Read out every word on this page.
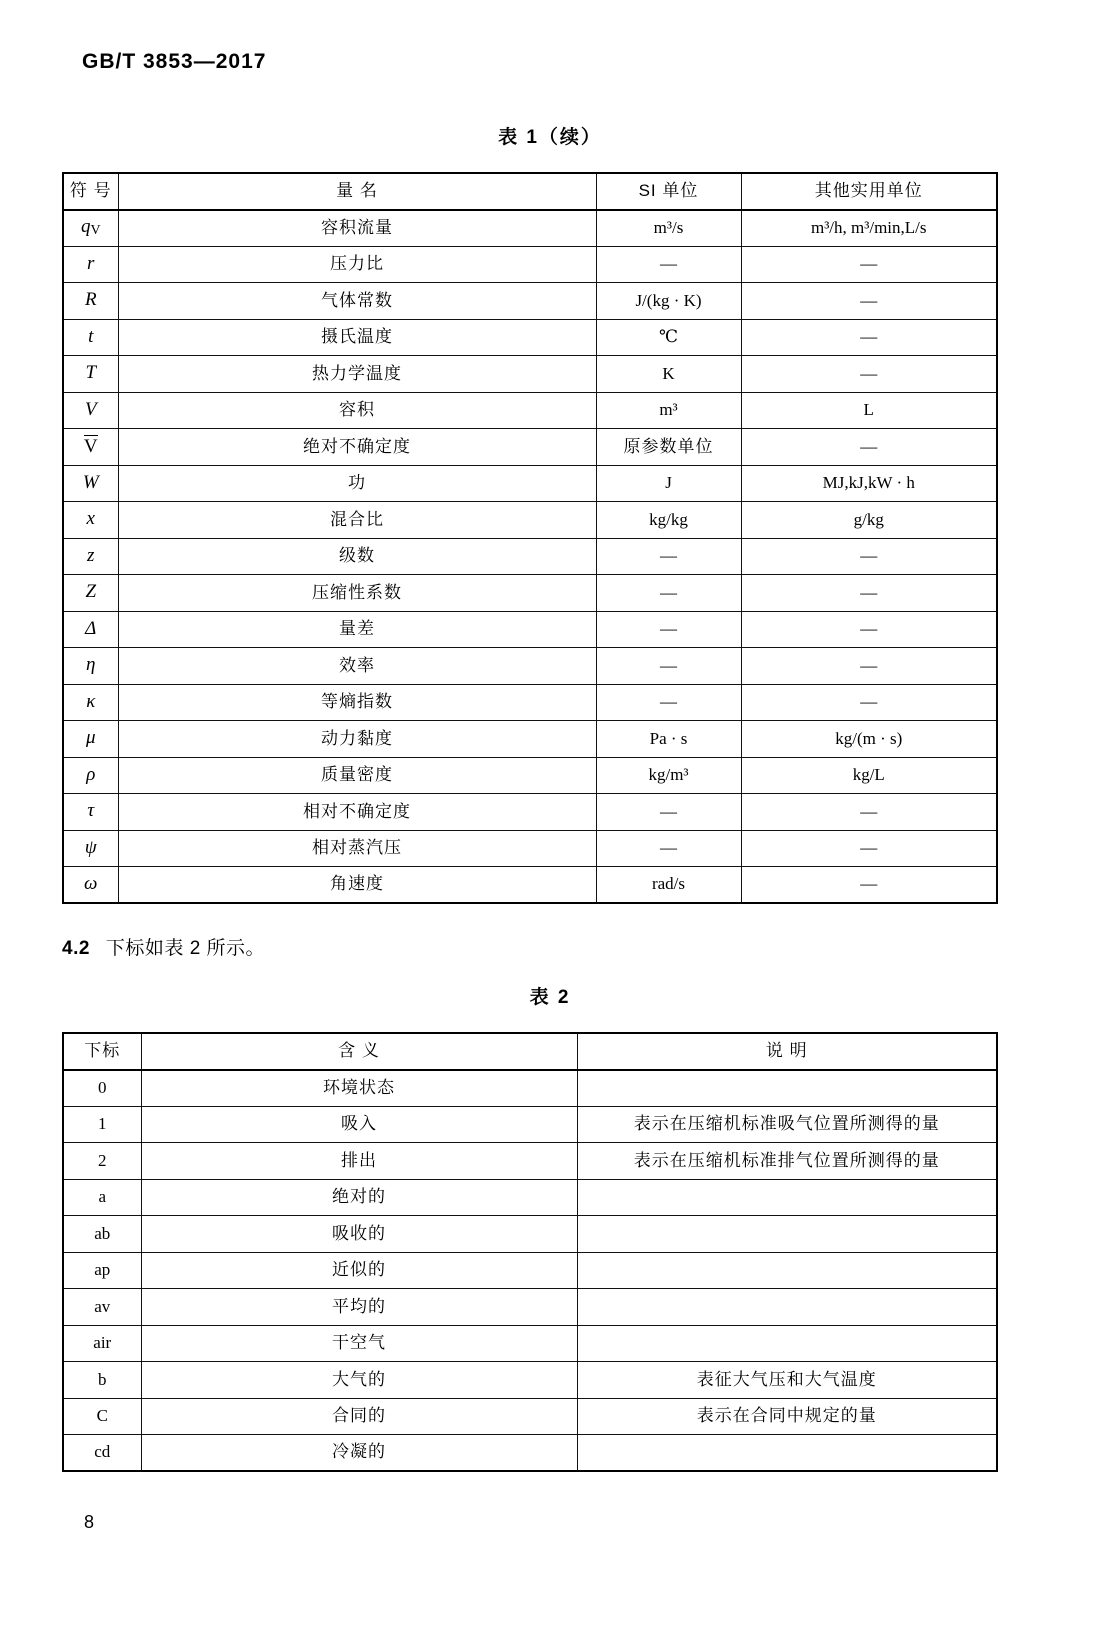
GB/T 3853—2017
表 1（续）
符 号	量 名	SI 单位	其他实用单位
qV	容积流量	m³/s	m³/h, m³/min,L/s
r	压力比	—	—
R	气体常数	J/(kg · K)	—
t	摄氏温度	℃	—
T	热力学温度	K	—
V	容积	m³	L
V	绝对不确定度	原参数单位	—
W	功	J	MJ,kJ,kW · h
x	混合比	kg/kg	g/kg
z	级数	—	—
Z	压缩性系数	—	—
Δ	量差	—	—
η	效率	—	—
κ	等熵指数	—	—
μ	动力黏度	Pa · s	kg/(m · s)
ρ	质量密度	kg/m³	kg/L
τ	相对不确定度	—	—
ψ	相对蒸汽压	—	—
ω	角速度	rad/s	—
4.2 下标如表 2 所示。
表 2
下标	含 义	说 明
0	环境状态	
1	吸入	表示在压缩机标准吸气位置所测得的量
2	排出	表示在压缩机标准排气位置所测得的量
a	绝对的	
ab	吸收的	
ap	近似的	
av	平均的	
air	干空气	
b	大气的	表征大气压和大气温度
C	合同的	表示在合同中规定的量
cd	冷凝的	
8
